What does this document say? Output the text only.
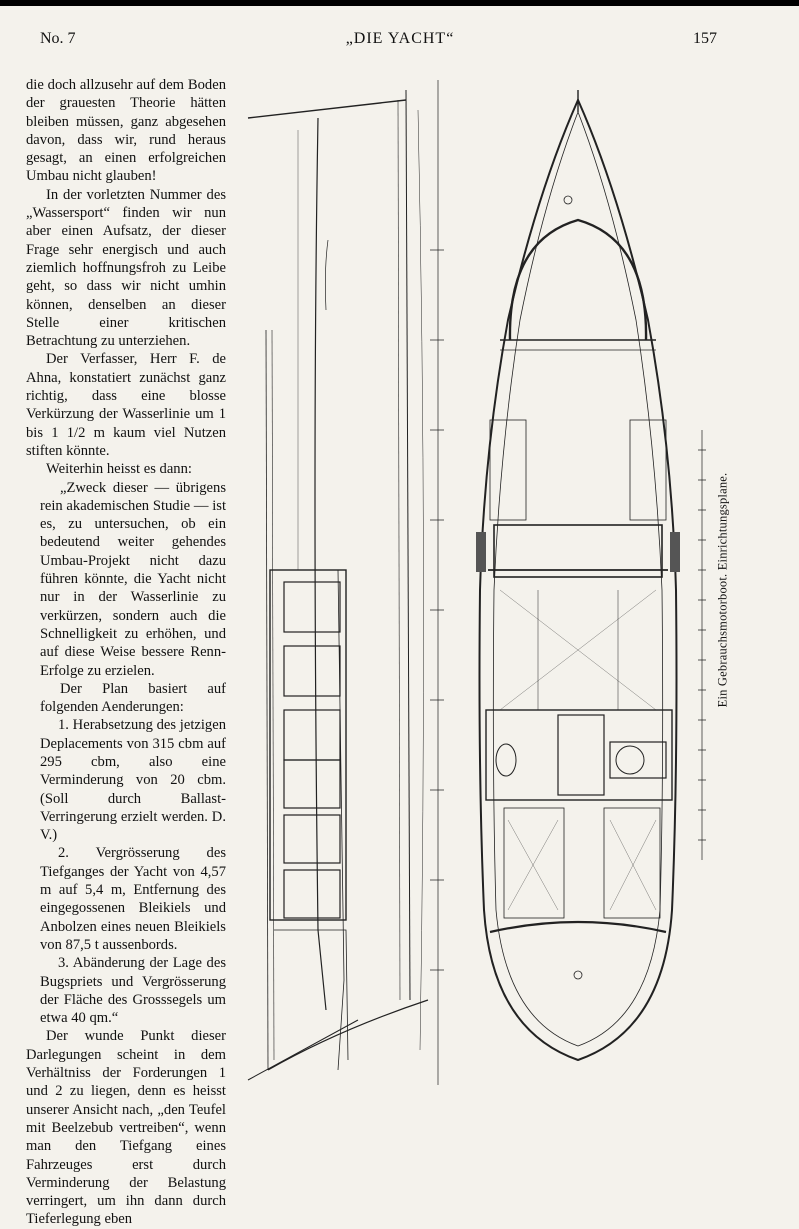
No. 7	„DIE YACHT“	157

die doch allzusehr auf dem Boden der grauesten Theorie hätten bleiben müssen, ganz abgesehen davon, dass wir, rund heraus gesagt, an einen erfolgreichen Umbau nicht glauben!

In der vorletzten Nummer des „Wassersport“ finden wir nun aber einen Aufsatz, der dieser Frage sehr energisch und auch ziemlich hoffnungsfroh zu Leibe geht, so dass wir nicht umhin können, denselben an dieser Stelle einer kritischen Betrachtung zu unterziehen.

Der Verfasser, Herr F. de Ahna, konstatiert zunächst ganz richtig, dass eine blosse Verkürzung der Wasserlinie um 1 bis 1 1/2 m kaum viel Nutzen stiften könnte.

Weiterhin heisst es dann:

„Zweck dieser — übrigens rein akademischen Studie — ist es, zu untersuchen, ob ein bedeutend weiter gehendes Umbau-Projekt nicht dazu führen könnte, die Yacht nicht nur in der Wasserlinie zu verkürzen, sondern auch die Schnelligkeit zu erhöhen, und auf diese Weise bessere Renn-Erfolge zu erzielen.

Der Plan basiert auf folgenden Aenderungen:

1. Herabsetzung des jetzigen Deplacements von 315 cbm auf 295 cbm, also eine Verminderung von 20 cbm. (Soll durch Ballast-Verringerung erzielt werden. D. V.)

2. Vergrösserung des Tiefganges der Yacht von 4,57 m auf 5,4 m, Entfernung des eingegossenen Bleikiels und Anbolzen eines neuen Bleikiels von 87,5 t aussenbords.

3. Abänderung der Lage des Bugspriets und Vergrösserung der Fläche des Grosssegels um etwa 40 qm.“

Der wunde Punkt dieser Darlegungen scheint in dem Verhältniss der Forderungen 1 und 2 zu liegen, denn es heisst unserer Ansicht nach, „den Teufel mit Beelzebub vertreiben“, wenn man den Tiefgang eines Fahrzeuges erst durch Verminderung der Belastung verringert, um ihn dann durch Tieferlegung eben

Ein Gebrauchsmotorboot. Einrichtungsplane.
